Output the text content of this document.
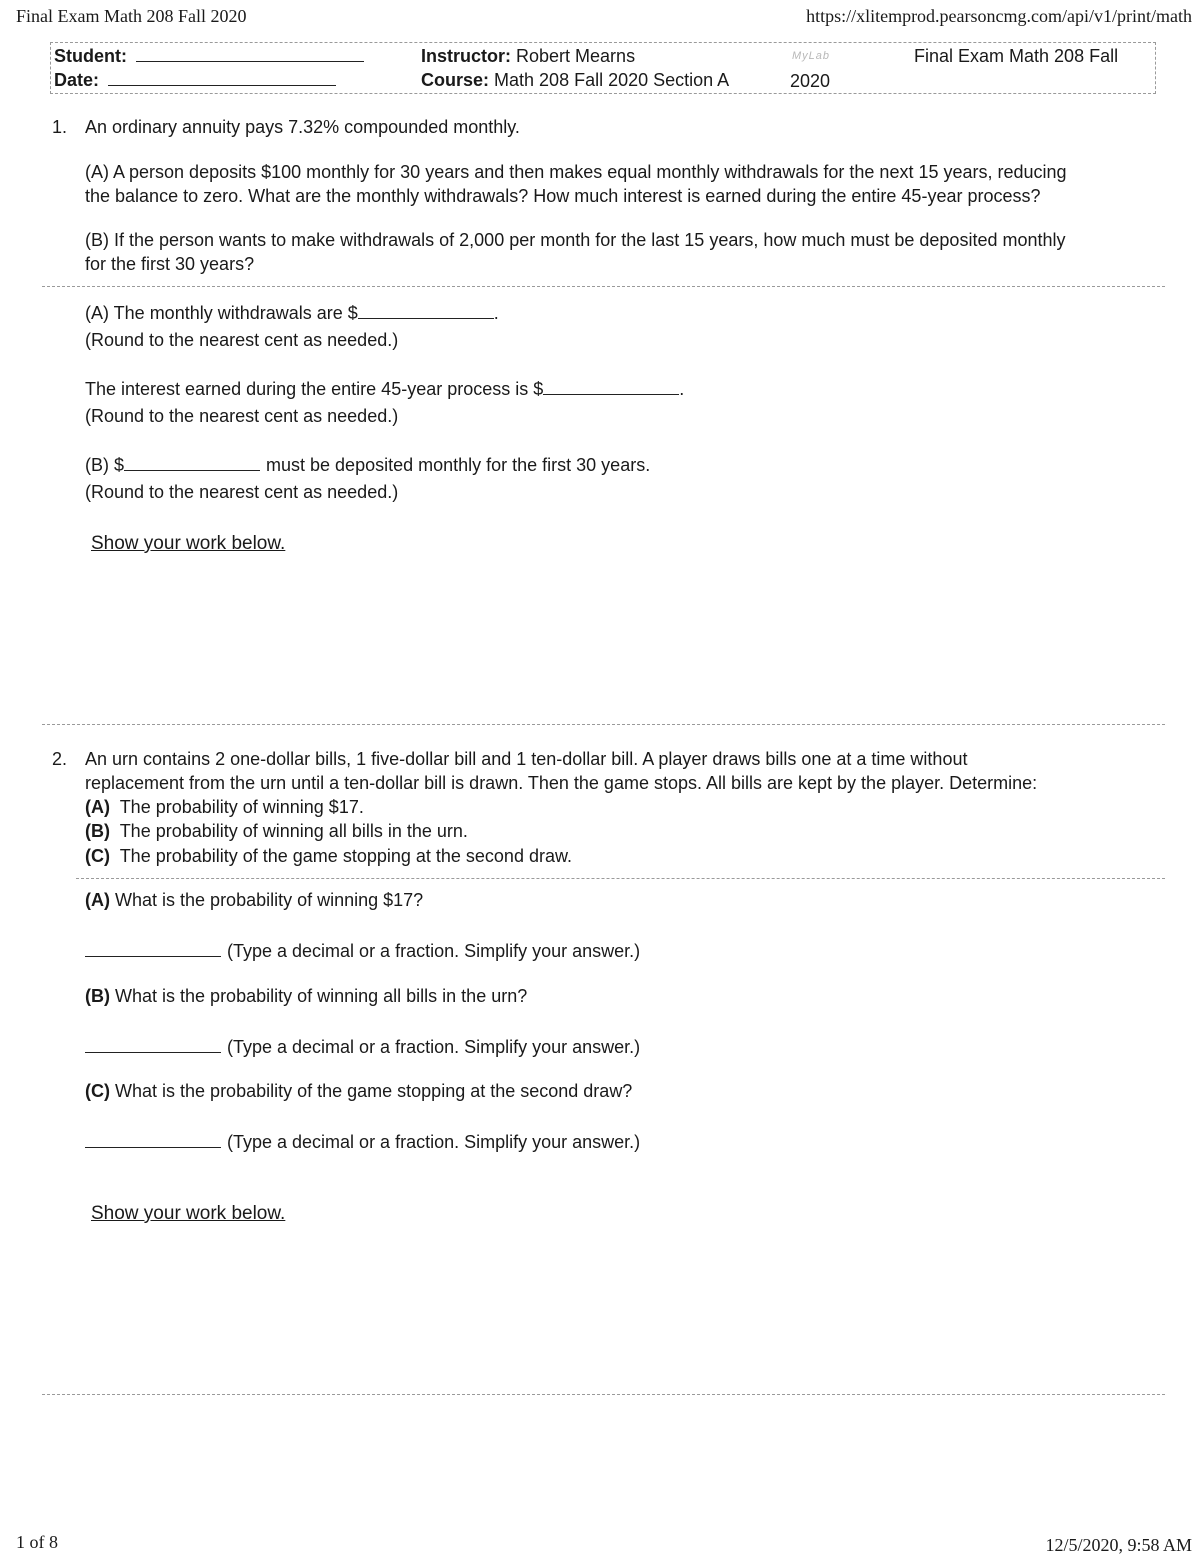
Final Exam Math 208 Fall 2020	https://xlitemprod.pearsoncmg.com/api/v1/print/math
Student:
Date:
Instructor: Robert Mearns
Course: Math 208 Fall 2020 Section A
MyLab	Final Exam Math 208 Fall
2020
1. An ordinary annuity pays 7.32% compounded monthly.
(A) A person deposits $100 monthly for 30 years and then makes equal monthly withdrawals for the next 15 years, reducing
the balance to zero. What are the monthly withdrawals? How much interest is earned during the entire 45-year process?
(B) If the person wants to make withdrawals of 2,000 per month for the last 15 years, how much must be deposited monthly
for the first 30 years?
(A) The monthly withdrawals are $	.
(Round to the nearest cent as needed.)
The interest earned during the entire 45-year process is $	.
(Round to the nearest cent as needed.)
(B) $	must be deposited monthly for the first 30 years.
(Round to the nearest cent as needed.)
Show your work below.
2. An urn contains 2 one-dollar bills, 1 five-dollar bill and 1 ten-dollar bill. A player draws bills one at a time without
replacement from the urn until a ten-dollar bill is drawn. Then the game stops. All bills are kept by the player. Determine:
(A) The probability of winning $17.
(B) The probability of winning all bills in the urn.
(C) The probability of the game stopping at the second draw.
(A) What is the probability of winning $17?
(Type a decimal or a fraction. Simplify your answer.)
(B) What is the probability of winning all bills in the urn?
(Type a decimal or a fraction. Simplify your answer.)
(C) What is the probability of the game stopping at the second draw?
(Type a decimal or a fraction. Simplify your answer.)
Show your work below.
1 of 8	12/5/2020, 9:58 AM
